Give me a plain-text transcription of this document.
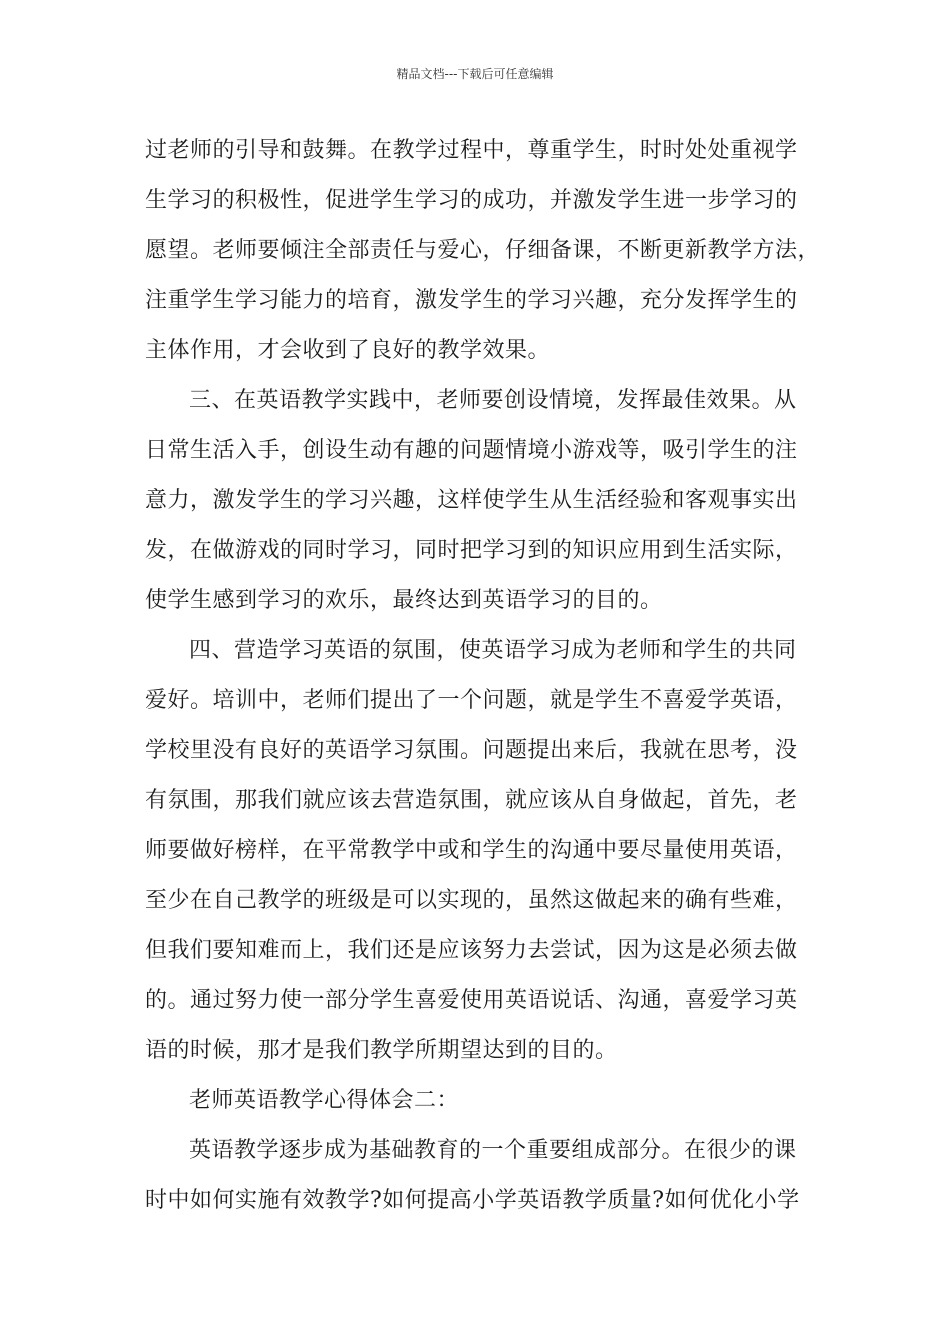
精品文档---下载后可任意编辑

过老师的引导和鼓舞。在教学过程中，尊重学生，时时处处重视学
生学习的积极性，促进学生学习的成功，并激发学生进一步学习的
愿望。老师要倾注全部责任与爱心，仔细备课，不断更新教学方法，
注重学生学习能力的培育，激发学生的学习兴趣，充分发挥学生的
主体作用，才会收到了良好的教学效果。

三、在英语教学实践中，老师要创设情境，发挥最佳效果。从
日常生活入手，创设生动有趣的问题情境小游戏等，吸引学生的注
意力，激发学生的学习兴趣，这样使学生从生活经验和客观事实出
发，在做游戏的同时学习，同时把学习到的知识应用到生活实际，
使学生感到学习的欢乐，最终达到英语学习的目的。

四、营造学习英语的氛围，使英语学习成为老师和学生的共同
爱好。培训中，老师们提出了一个问题，就是学生不喜爱学英语，
学校里没有良好的英语学习氛围。问题提出来后，我就在思考，没
有氛围，那我们就应该去营造氛围，就应该从自身做起，首先，老
师要做好榜样，在平常教学中或和学生的沟通中要尽量使用英语，
至少在自己教学的班级是可以实现的，虽然这做起来的确有些难，
但我们要知难而上，我们还是应该努力去尝试，因为这是必须去做
的。通过努力使一部分学生喜爱使用英语说话、沟通，喜爱学习英
语的时候，那才是我们教学所期望达到的目的。

老师英语教学心得体会二：

英语教学逐步成为基础教育的一个重要组成部分。在很少的课
时中如何实施有效教学?如何提高小学英语教学质量?如何优化小学
